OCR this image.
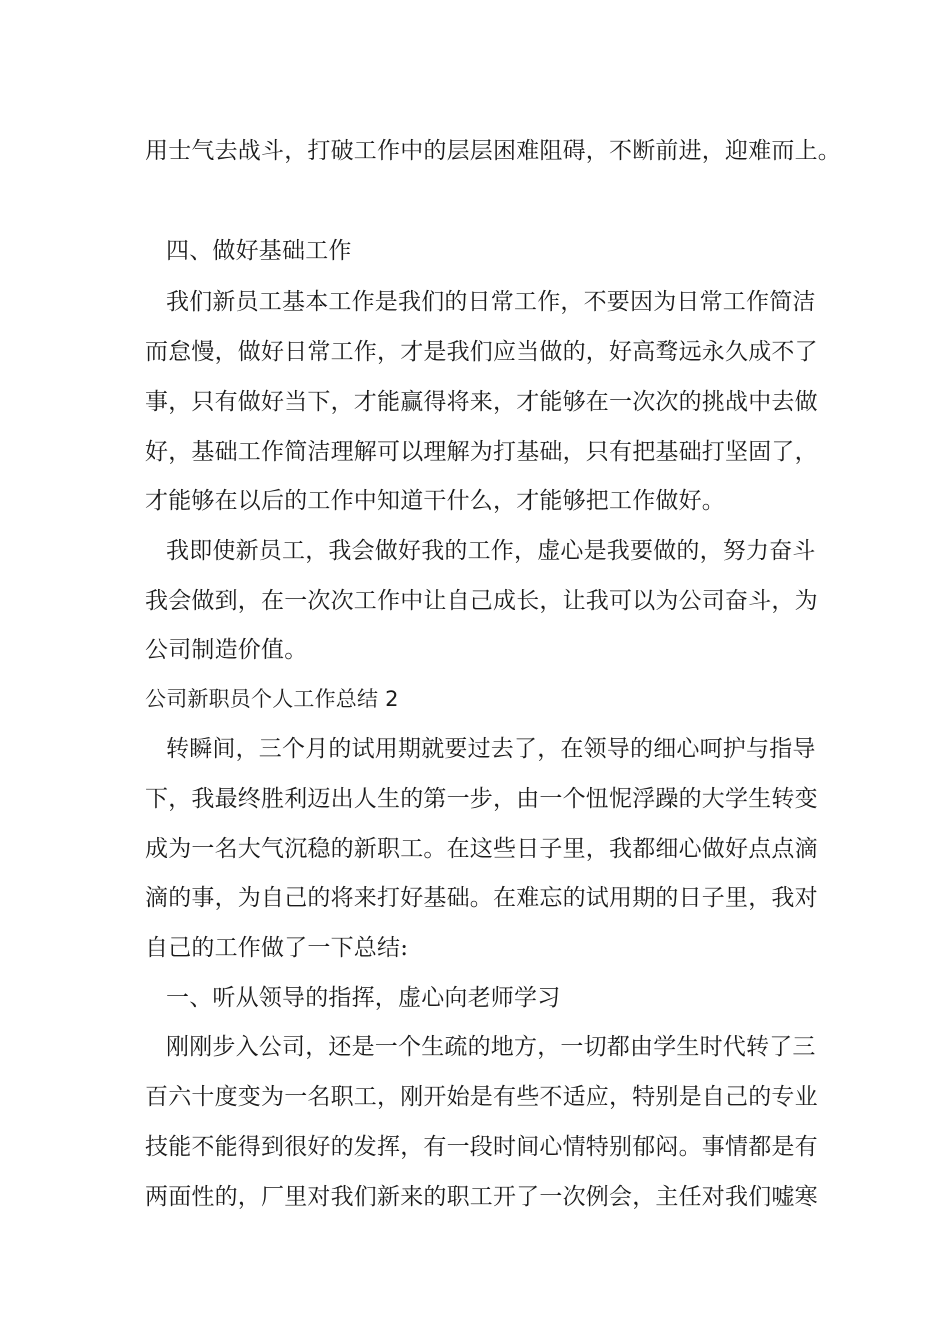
用士气去战斗，打破工作中的层层困难阻碍，不断前进，迎难而上。
四、做好基础工作
我们新员工基本工作是我们的日常工作，不要因为日常工作简洁
而怠慢，做好日常工作，才是我们应当做的，好高骛远永久成不了
事，只有做好当下，才能赢得将来，才能够在一次次的挑战中去做
好，基础工作简洁理解可以理解为打基础，只有把基础打坚固了，
才能够在以后的工作中知道干什么，才能够把工作做好。
我即使新员工，我会做好我的工作，虚心是我要做的，努力奋斗
我会做到，在一次次工作中让自己成长，让我可以为公司奋斗，为
公司制造价值。
公司新职员个人工作总结 2
转瞬间，三个月的试用期就要过去了，在领导的细心呵护与指导
下，我最终胜利迈出人生的第一步，由一个忸怩浮躁的大学生转变
成为一名大气沉稳的新职工。在这些日子里，我都细心做好点点滴
滴的事，为自己的将来打好基础。在难忘的试用期的日子里，我对
自己的工作做了一下总结:
一、听从领导的指挥，虚心向老师学习
刚刚步入公司，还是一个生疏的地方，一切都由学生时代转了三
百六十度变为一名职工，刚开始是有些不适应，特别是自己的专业
技能不能得到很好的发挥，有一段时间心情特别郁闷。事情都是有
两面性的，厂里对我们新来的职工开了一次例会，主任对我们嘘寒
